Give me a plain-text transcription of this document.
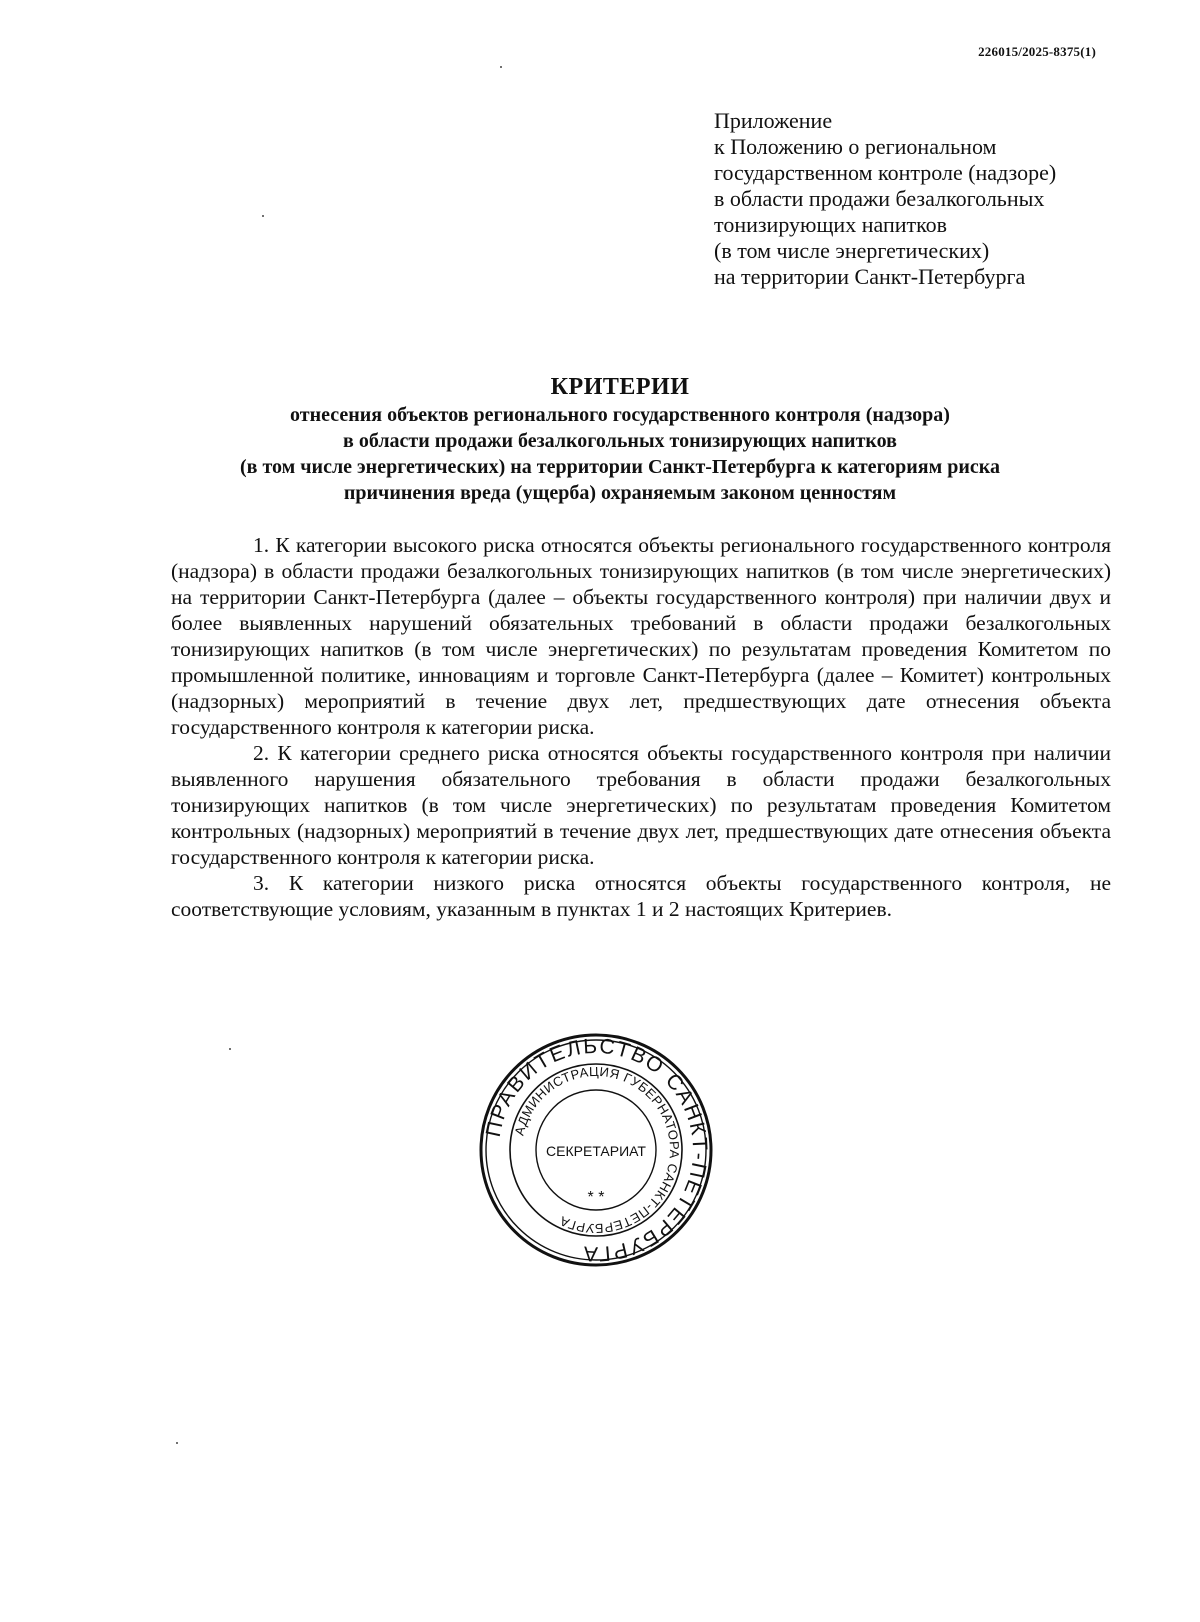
226015/2025-8375(1)
Приложение
к Положению о региональном
государственном контроле (надзоре)
в области продажи безалкогольных
тонизирующих напитков
(в том числе энергетических)
на территории Санкт-Петербурга
КРИТЕРИИ
отнесения объектов регионального государственного контроля (надзора)
в области продажи безалкогольных тонизирующих напитков
(в том числе энергетических) на территории Санкт-Петербурга к категориям риска
причинения вреда (ущерба) охраняемым законом ценностям

1. К категории высокого риска относятся объекты регионального государственного контроля (надзора) в области продажи безалкогольных тонизирующих напитков (в том числе энергетических) на территории Санкт-Петербурга (далее – объекты государственного контроля) при наличии двух и более выявленных нарушений обязательных требований в области продажи безалкогольных тонизирующих напитков (в том числе энергетических) по результатам проведения Комитетом по промышленной политике, инновациям и торговле Санкт-Петербурга (далее – Комитет) контрольных (надзорных) мероприятий в течение двух лет, предшествующих дате отнесения объекта государственного контроля к категории риска.

2. К категории среднего риска относятся объекты государственного контроля при наличии выявленного нарушения обязательного требования в области продажи безалкогольных тонизирующих напитков (в том числе энергетических) по результатам проведения Комитетом контрольных (надзорных) мероприятий в течение двух лет, предшествующих дате отнесения объекта государственного контроля к категории риска.

3. К категории низкого риска относятся объекты государственного контроля, не соответствующие условиям, указанным в пунктах 1 и 2 настоящих Критериев.

ПРАВИТЕЛЬСТВО САНКТ-ПЕТЕРБУРГА
АДМИНИСТРАЦИЯ ГУБЕРНАТОРА САНКТ-ПЕТЕРБУРГА
СЕКРЕТАРИАТ
* *
